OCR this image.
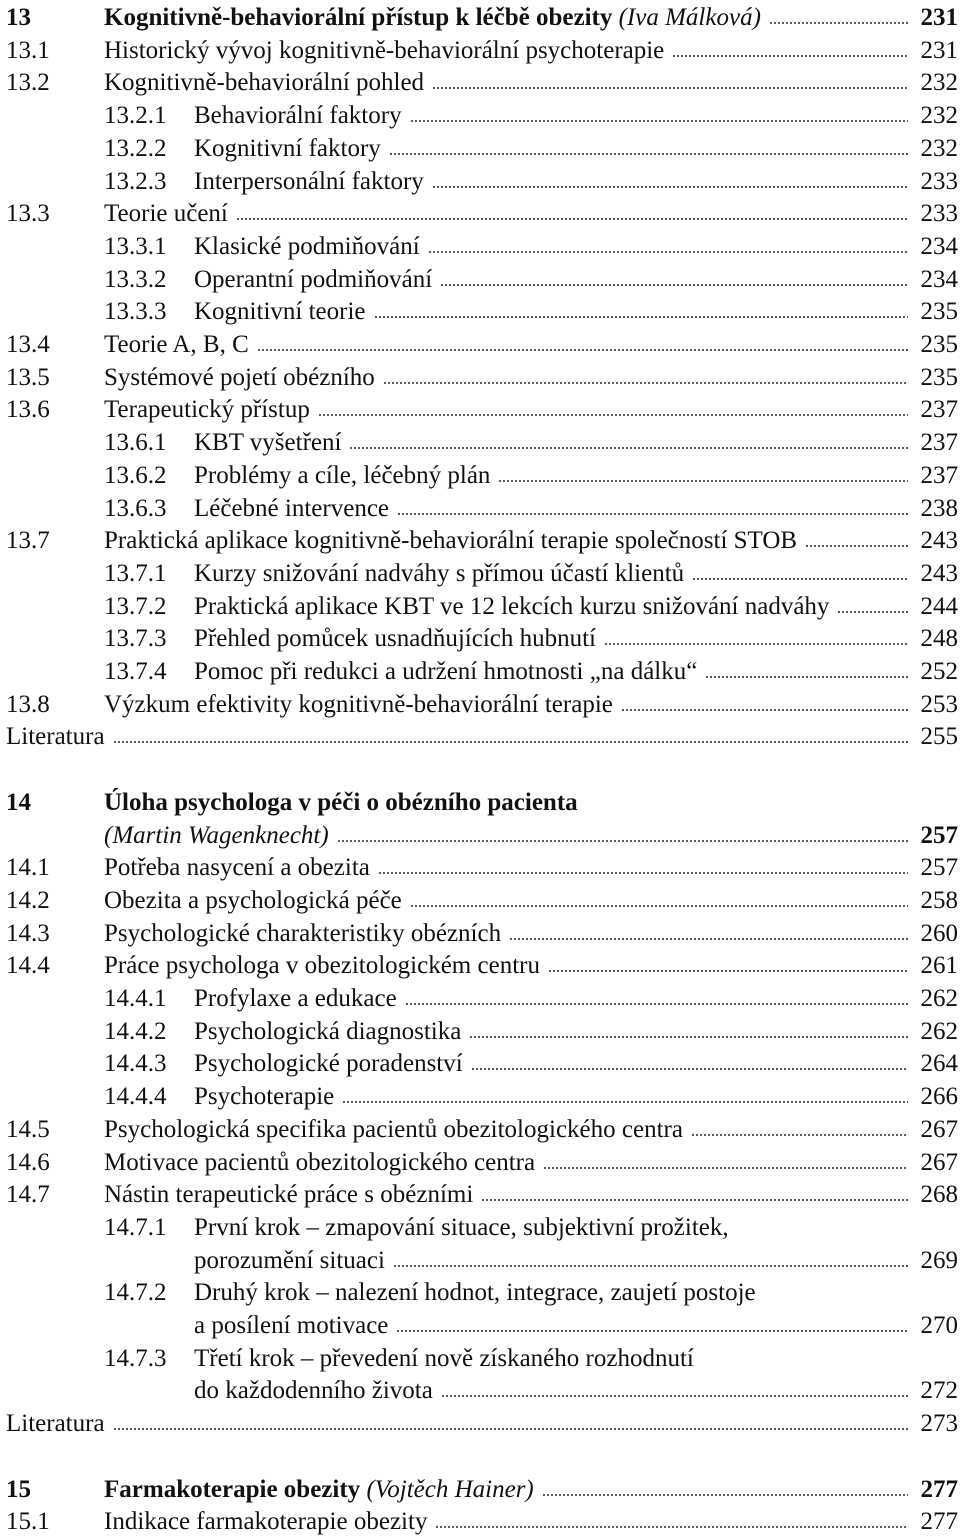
13	Kognitivně-behaviorální přístup k léčbě obezity
(Iva Málková)	231
13.1 Historický vývoj kognitivně-behaviorální psychoterapie	231
13.2 Kognitivně-behaviorální pohled	232
13.2.1 Behaviorální faktory	232
13.2.2 Kognitivní faktory	232
13.2.3 Interpersonální faktory	233
13.3 Teorie učení	233
13.3.1 Klasické podmiňování	234
13.3.2 Operantní podmiňování	234
13.3.3 Kognitivní teorie	235
13.4 Teorie A, B, C	235
13.5 Systémové pojetí obézního	235
13.6 Terapeutický přístup	237
13.6.1 KBT vyšetření	237
13.6.2 Problémy a cíle, léčebný plán	237
13.6.3 Léčebné intervence	238
13.7 Praktická aplikace kognitivně-behaviorální terapie společností STOB	243
13.7.1 Kurzy snižování nadváhy s přímou účastí klientů	243
13.7.2 Praktická aplikace KBT ve 12 lekcích kurzu snižování nadváhy	244
13.7.3 Přehled pomůcek usnadňujících hubnutí	248
13.7.4 Pomoc při redukci a udržení hmotnosti „na dálku“	252
13.8 Výzkum efektivity kognitivně-behaviorální terapie	253
Literatura	255
14	Úloha psychologa v péči o obézního pacienta
(Martin Wagenknecht)	257
14.1 Potřeba nasycení a obezita	257
14.2 Obezita a psychologická péče	258
14.3 Psychologické charakteristiky obézních	260
14.4 Práce psychologa v obezitologickém centru	261
14.4.1 Profylaxe a edukace	262
14.4.2 Psychologická diagnostika	262
14.4.3 Psychologické poradenství	264
14.4.4 Psychoterapie	266
14.5 Psychologická specifika pacientů obezitologického centra	267
14.6 Motivace pacientů obezitologického centra	267
14.7 Nástin terapeutické práce s obézními	268
14.7.1 První krok – zmapování situace, subjektivní prožitek,
porozumění situaci	269
14.7.2 Druhý krok – nalezení hodnot, integrace, zaujetí postoje
a posílení motivace	270
14.7.3 Třetí krok – převedení nově získaného rozhodnutí
do každodenního života	272
Literatura	273
15	Farmakoterapie obezity
(Vojtěch Hainer)	277
15.1 Indikace farmakoterapie obezity	277
